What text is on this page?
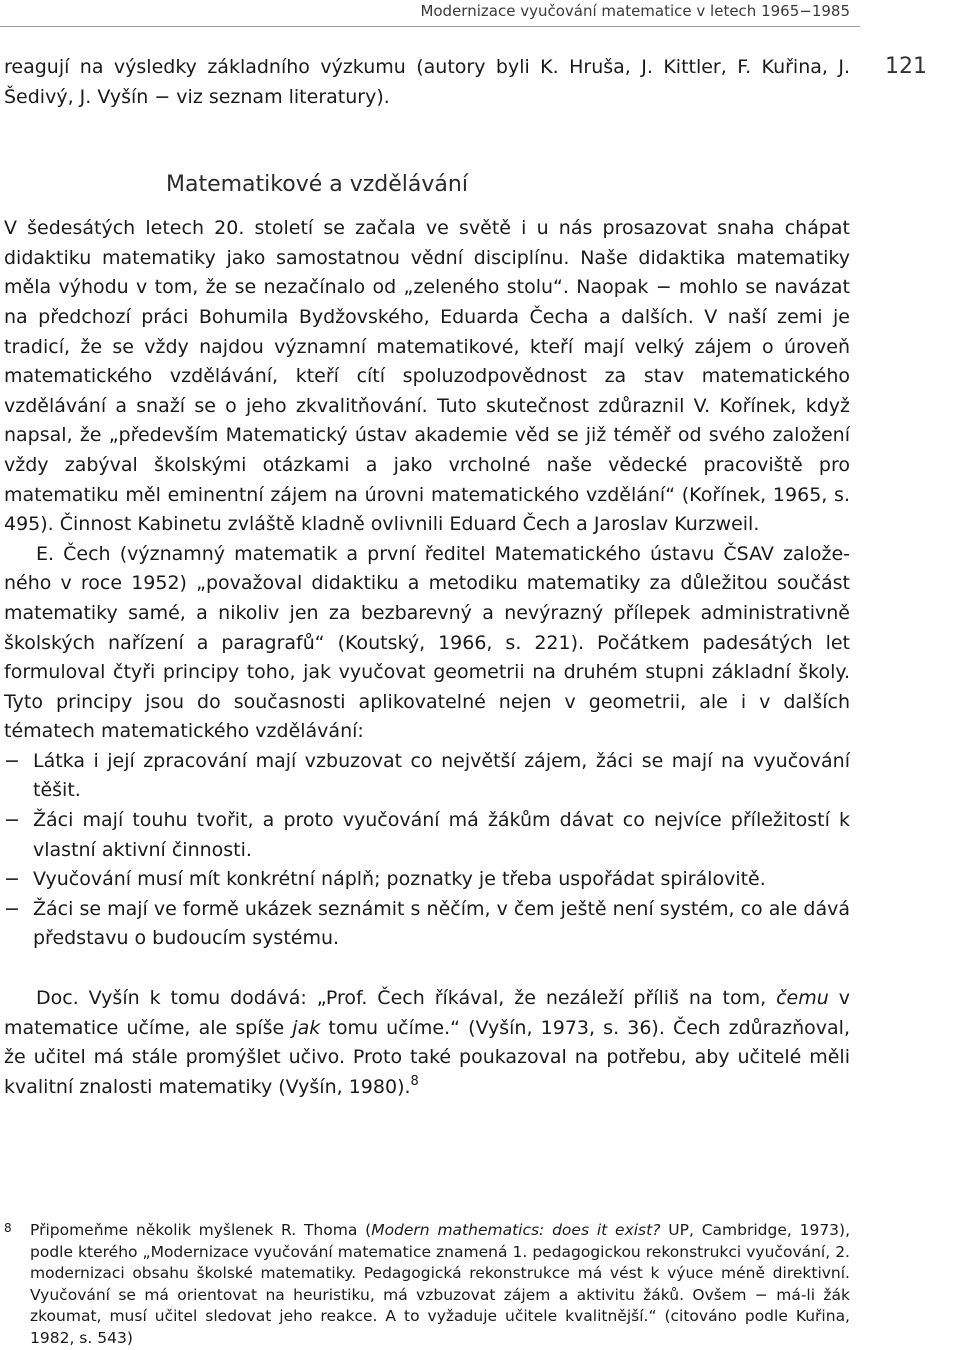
Modernizace vyučování matematice v letech 1965−1985
121

reagují na výsledky základního výzkumu (autory byli K. Hruša, J. Kittler, F. Kuřina, J. Šedivý, J. Vyšín − viz seznam literatury).

Matematikové a vzdělávání

V šedesátých letech 20. století se začala ve světě i u nás prosazovat snaha chápat didaktiku matematiky jako samostatnou vědní disciplínu. Naše didaktika matematiky měla výhodu v tom, že se nezačínalo od „zeleného stolu“. Naopak − mohlo se navázat na předchozí práci Bohumila Bydžovského, Eduarda Čecha a dalších. V naší zemi je tradicí, že se vždy najdou významní matematikové, kteří mají velký zájem o úroveň matematického vzdělávání, kteří cítí spoluzodpovědnost za stav matematického vzdělávání a snaží se o jeho zkvalitňování. Tuto skutečnost zdůraznil V. Kořínek, když napsal, že „především Matematický ústav akademie věd se již téměř od svého založení vždy zabýval školskými otázkami a jako vrcholné naše vědecké pracoviště pro matematiku měl eminentní zájem na úrovni matematického vzdělání“ (Kořínek, 1965, s. 495). Činnost Kabinetu zvláště kladně ovlivnili Eduard Čech a Jaroslav Kurzweil.

E. Čech (významný matematik a první ředitel Matematického ústavu ČSAV založeného v roce 1952) „považoval didaktiku a metodiku matematiky za důležitou součást matematiky samé, a nikoliv jen za bezbarevný a nevýrazný přílepek administrativně školských nařízení a paragrafů“ (Koutský, 1966, s. 221). Počátkem padesátých let formuloval čtyři principy toho, jak vyučovat geometrii na druhém stupni základní školy. Tyto principy jsou do současnosti aplikovatelné nejen v geometrii, ale i v dalších tématech matematického vzdělávání:

− Látka i její zpracování mají vzbuzovat co největší zájem, žáci se mají na vyučování těšit.
− Žáci mají touhu tvořit, a proto vyučování má žákům dávat co nejvíce příležitostí k vlastní aktivní činnosti.
− Vyučování musí mít konkrétní náplň; poznatky je třeba uspořádat spirálovitě.
− Žáci se mají ve formě ukázek seznámit s něčím, v čem ještě není systém, co ale dává představu o budoucím systému.

Doc. Vyšín k tomu dodává: „Prof. Čech říkával, že nezáleží příliš na tom, čemu v matematice učíme, ale spíše jak tomu učíme.“ (Vyšín, 1973, s. 36). Čech zdůrazňoval, že učitel má stále promýšlet učivo. Proto také poukazoval na potřebu, aby učitelé měli kvalitní znalosti matematiky (Vyšín, 1980).$^8$

8 Připomeňme několik myšlenek R. Thoma (Modern mathematics: does it exist? UP, Cambridge, 1973), podle kterého „Modernizace vyučování matematice znamená 1. pedagogickou rekonstrukci vyučování, 2. modernizaci obsahu školské matematiky. Pedagogická rekonstrukce má vést k výuce méně direktivní. Vyučování se má orientovat na heuristiku, má vzbuzovat zájem a aktivitu žáků. Ovšem − má-li žák zkoumat, musí učitel sledovat jeho reakce. A to vyžaduje učitele kvalitnější.“ (citováno podle Kuřina, 1982, s. 543)
